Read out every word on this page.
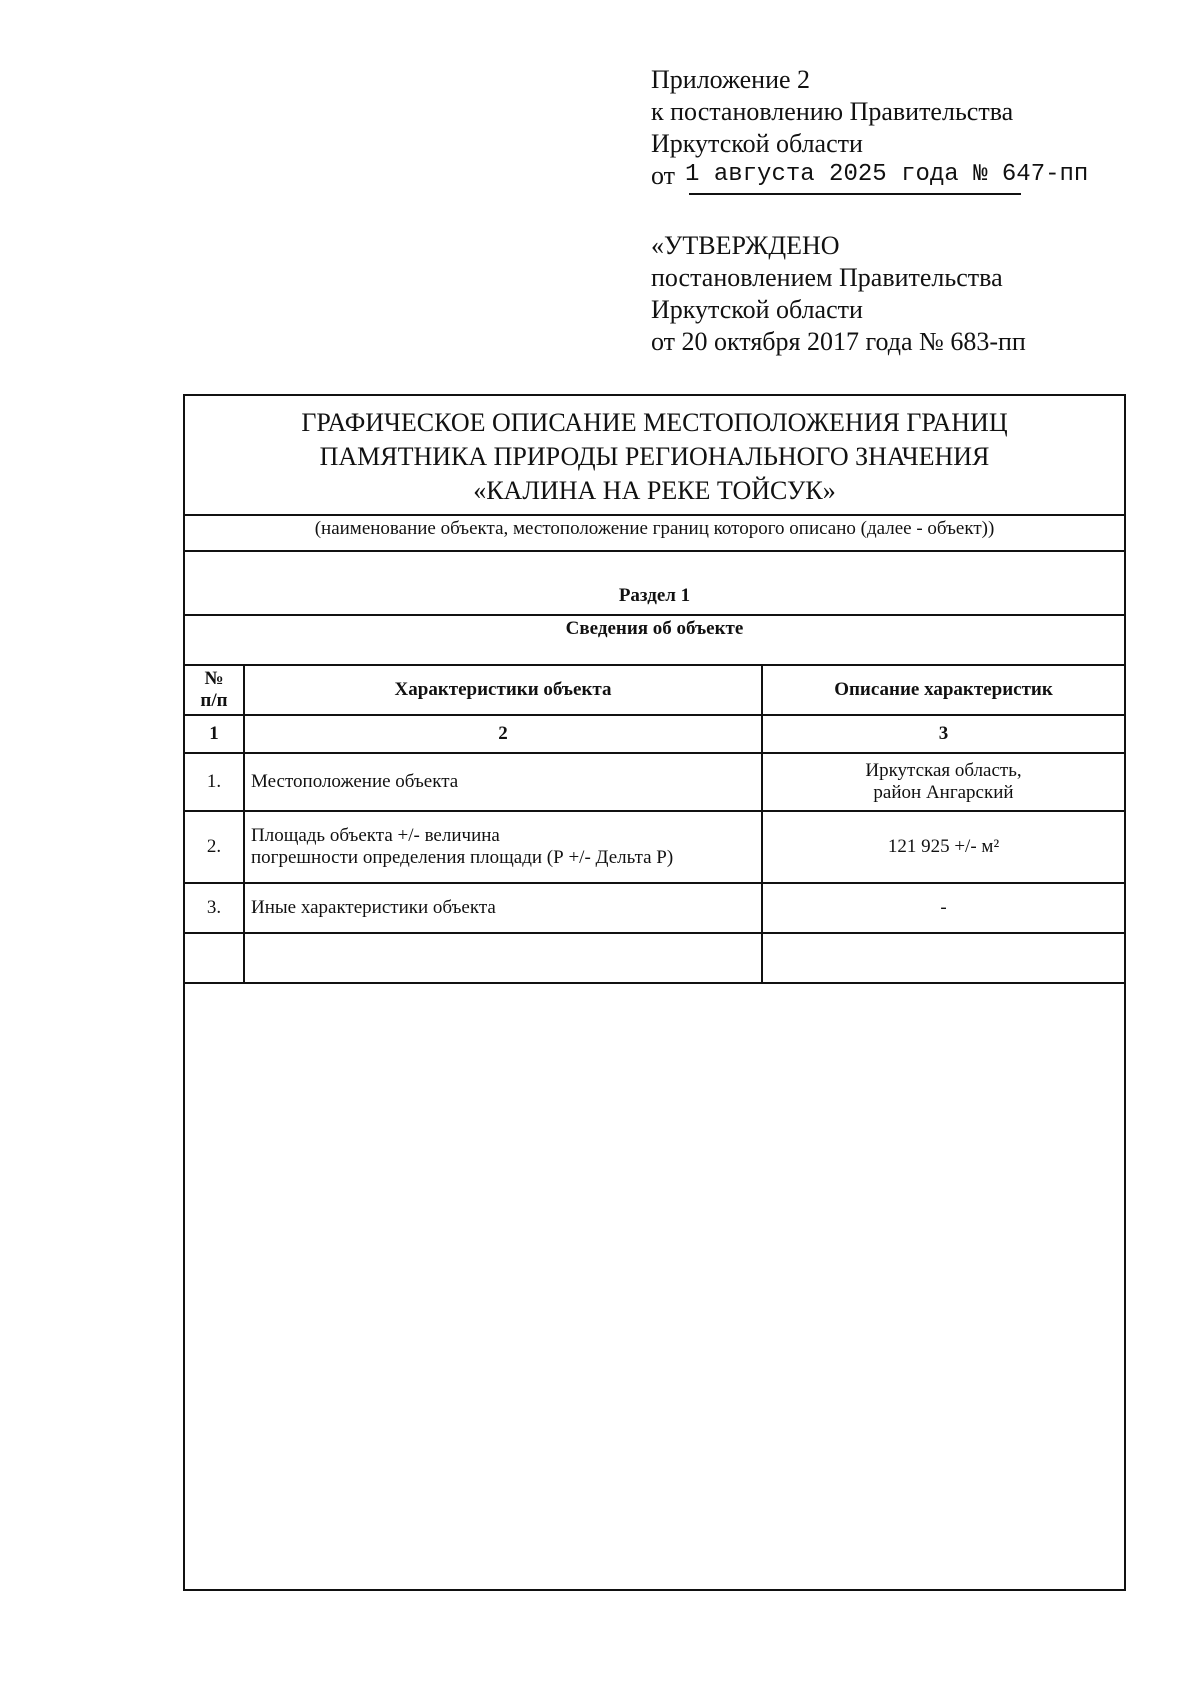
Приложение 2
к постановлению Правительства
Иркутской области
от 1 августа 2025 года № 647-пп
«УТВЕРЖДЕНО
постановлением Правительства
Иркутской области
от 20 октября 2017 года № 683-пп
ГРАФИЧЕСКОЕ ОПИСАНИЕ МЕСТОПОЛОЖЕНИЯ ГРАНИЦ
ПАМЯТНИКА ПРИРОДЫ РЕГИОНАЛЬНОГО ЗНАЧЕНИЯ
«КАЛИНА НА РЕКЕ ТОЙСУК»
(наименование объекта, местоположение границ которого описано (далее - объект))
Раздел 1
Сведения об объекте
№
п/п	Характеристики объекта	Описание характеристик
1	2	3
1.	Местоположение объекта	Иркутская область,
район Ангарский

2.	Площадь объекта +/- величина
погрешности определения площади (Р +/- Дельта Р)	121 925 +/- м²
3.	Иные характеристики объекта	-
